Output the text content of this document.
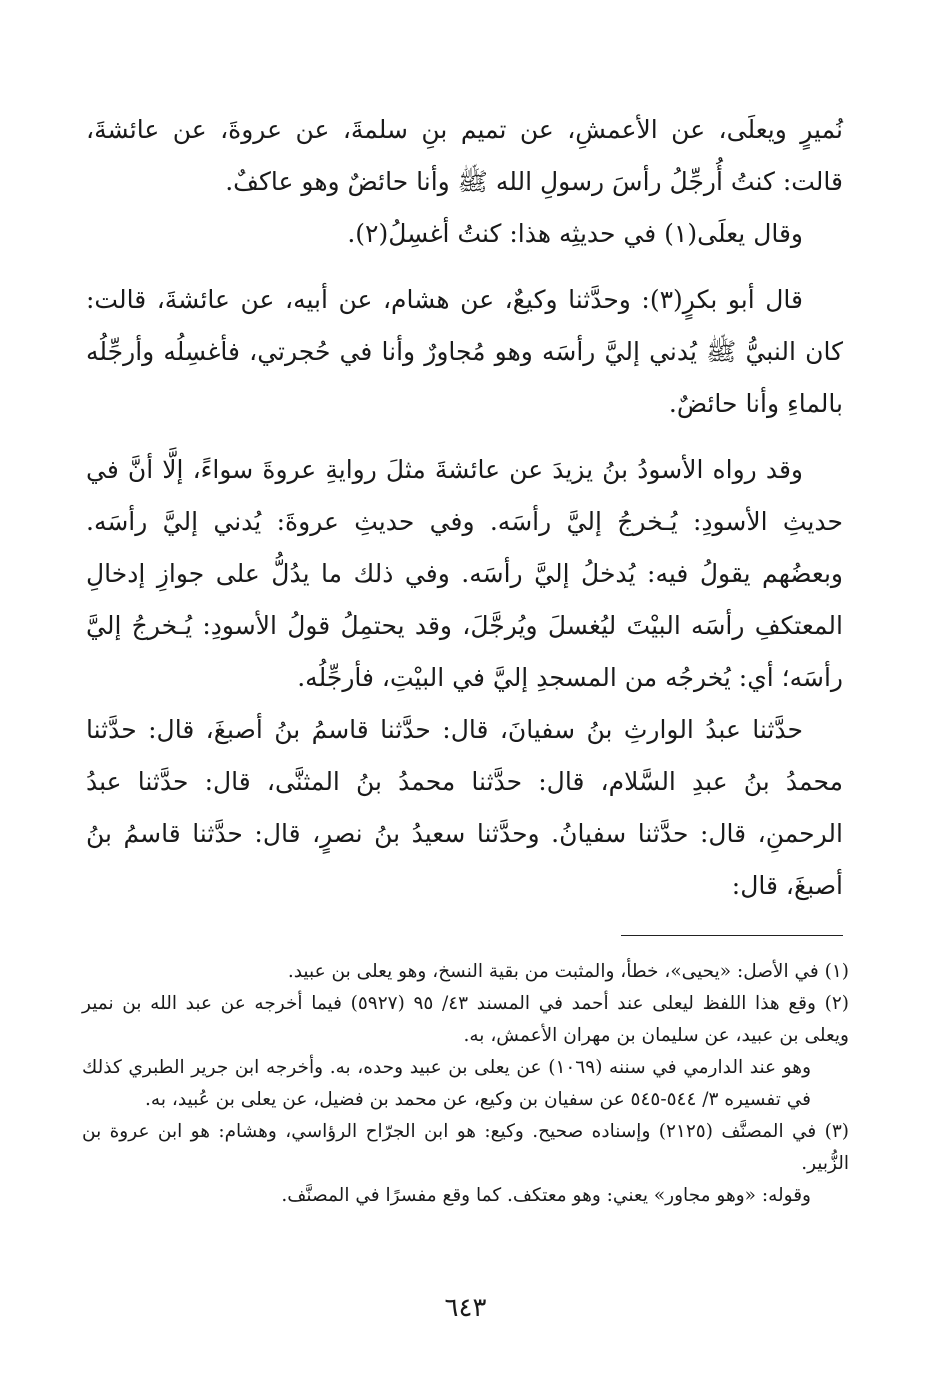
نُميرٍ ويعلَى، عن الأعمشِ، عن تميم بنِ سلمةَ، عن عروةَ، عن عائشةَ، قالت: كنتُ أُرجِّلُ رأسَ رسولِ الله ﷺ وأنا حائضٌ وهو عاكفٌ.

وقال يعلَى(١) في حديثِه هذا: كنتُ أغسِلُ(٢).

قال أبو بكرٍ(٣): وحدَّثنا وكيعٌ، عن هشام، عن أبيه، عن عائشةَ، قالت: كان النبيُّ ﷺ يُدني إليَّ رأسَه وهو مُجاورٌ وأنا في حُجرتي، فأغسِلُه وأرجِّلُه بالماءِ وأنا حائضٌ.

وقد رواه الأسودُ بنُ يزيدَ عن عائشةَ مثلَ روايةِ عروةَ سواءً، إلَّا أنَّ في حديثِ الأسودِ: يُـخرجُ إليَّ رأسَه. وفي حديثِ عروةَ: يُدني إليَّ رأسَه. وبعضُهم يقولُ فيه: يُدخلُ إليَّ رأسَه. وفي ذلك ما يدُلُّ على جوازِ إدخالِ المعتكفِ رأسَه البيْتَ ليُغسلَ ويُرجَّلَ، وقد يحتمِلُ قولُ الأسودِ: يُـخرجُ إليَّ رأسَه؛ أي: يُخرجُه من المسجدِ إليَّ في البيْتِ، فأرجِّلُه.

حدَّثنا عبدُ الوارثِ بنُ سفيانَ، قال: حدَّثنا قاسمُ بنُ أصبغَ، قال: حدَّثنا محمدُ بنُ عبدِ السَّلام، قال: حدَّثنا محمدُ بنُ المثنَّى، قال: حدَّثنا عبدُ الرحمنِ، قال: حدَّثنا سفيانُ. وحدَّثنا سعيدُ بنُ نصرٍ، قال: حدَّثنا قاسمُ بنُ أصبغَ، قال:

(١) في الأصل: «يحيى»، خطأ، والمثبت من بقية النسخ، وهو يعلى بن عبيد.

(٢) وقع هذا اللفظ ليعلى عند أحمد في المسند ٤٣/ ٩٥ (٥٩٢٧) فيما أخرجه عن عبد الله بن نمير ويعلى بن عبيد، عن سليمان بن مهران الأعمش، به.

وهو عند الدارمي في سننه (١٠٦٩) عن يعلى بن عبيد وحده، به. وأخرجه ابن جرير الطبري كذلك في تفسيره ٣/ ٥٤٤-٥٤٥ عن سفيان بن وكيع، عن محمد بن فضيل، عن يعلى بن عُبيد، به.

(٣) في المصنَّف (٢١٢٥) وإسناده صحيح. وكيع: هو ابن الجرّاح الرؤاسي، وهشام: هو ابن عروة بن الزُّبير.

وقوله: «وهو مجاور» يعني: وهو معتكف. كما وقع مفسرًا في المصنَّف.

٦٤٣
